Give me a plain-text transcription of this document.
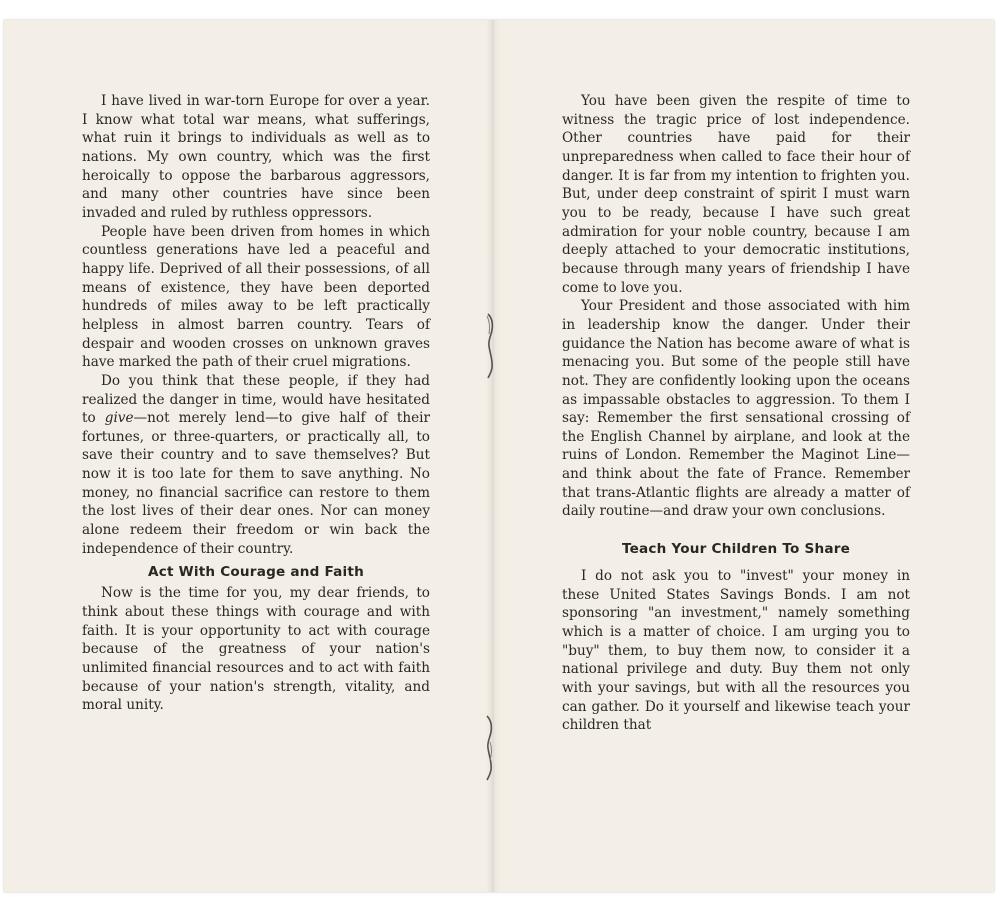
I have lived in war-torn Europe for over a year. I know what total war means, what sufferings, what ruin it brings to individuals as well as to nations. My own country, which was the first heroically to oppose the barbarous aggressors, and many other countries have since been invaded and ruled by ruthless oppressors.

People have been driven from homes in which countless generations have led a peaceful and happy life. Deprived of all their possessions, of all means of existence, they have been deported hundreds of miles away to be left practically helpless in almost barren country. Tears of despair and wooden crosses on unknown graves have marked the path of their cruel migrations.

Do you think that these people, if they had realized the danger in time, would have hesitated to give—not merely lend—to give half of their fortunes, or three-quarters, or practically all, to save their country and to save themselves? But now it is too late for them to save anything. No money, no financial sacrifice can restore to them the lost lives of their dear ones. Nor can money alone redeem their freedom or win back the independence of their country.

Act With Courage and Faith

Now is the time for you, my dear friends, to think about these things with courage and with faith. It is your opportunity to act with courage because of the greatness of your nation's unlimited financial resources and to act with faith because of your nation's strength, vitality, and moral unity.

You have been given the respite of time to witness the tragic price of lost independence. Other countries have paid for their unpreparedness when called to face their hour of danger. It is far from my intention to frighten you. But, under deep constraint of spirit I must warn you to be ready, because I have such great admiration for your noble country, because I am deeply attached to your democratic institutions, because through many years of friendship I have come to love you.

Your President and those associated with him in leadership know the danger. Under their guidance the Nation has become aware of what is menacing you. But some of the people still have not. They are confidently looking upon the oceans as impassable obstacles to aggression. To them I say: Remember the first sensational crossing of the English Channel by airplane, and look at the ruins of London. Remember the Maginot Line—and think about the fate of France. Remember that trans-Atlantic flights are already a matter of daily routine—and draw your own conclusions.

Teach Your Children To Share

I do not ask you to "invest" your money in these United States Savings Bonds. I am not sponsoring "an investment," namely something which is a matter of choice. I am urging you to "buy" them, to buy them now, to consider it a national privilege and duty. Buy them not only with your savings, but with all the resources you can gather. Do it yourself and likewise teach your children that
